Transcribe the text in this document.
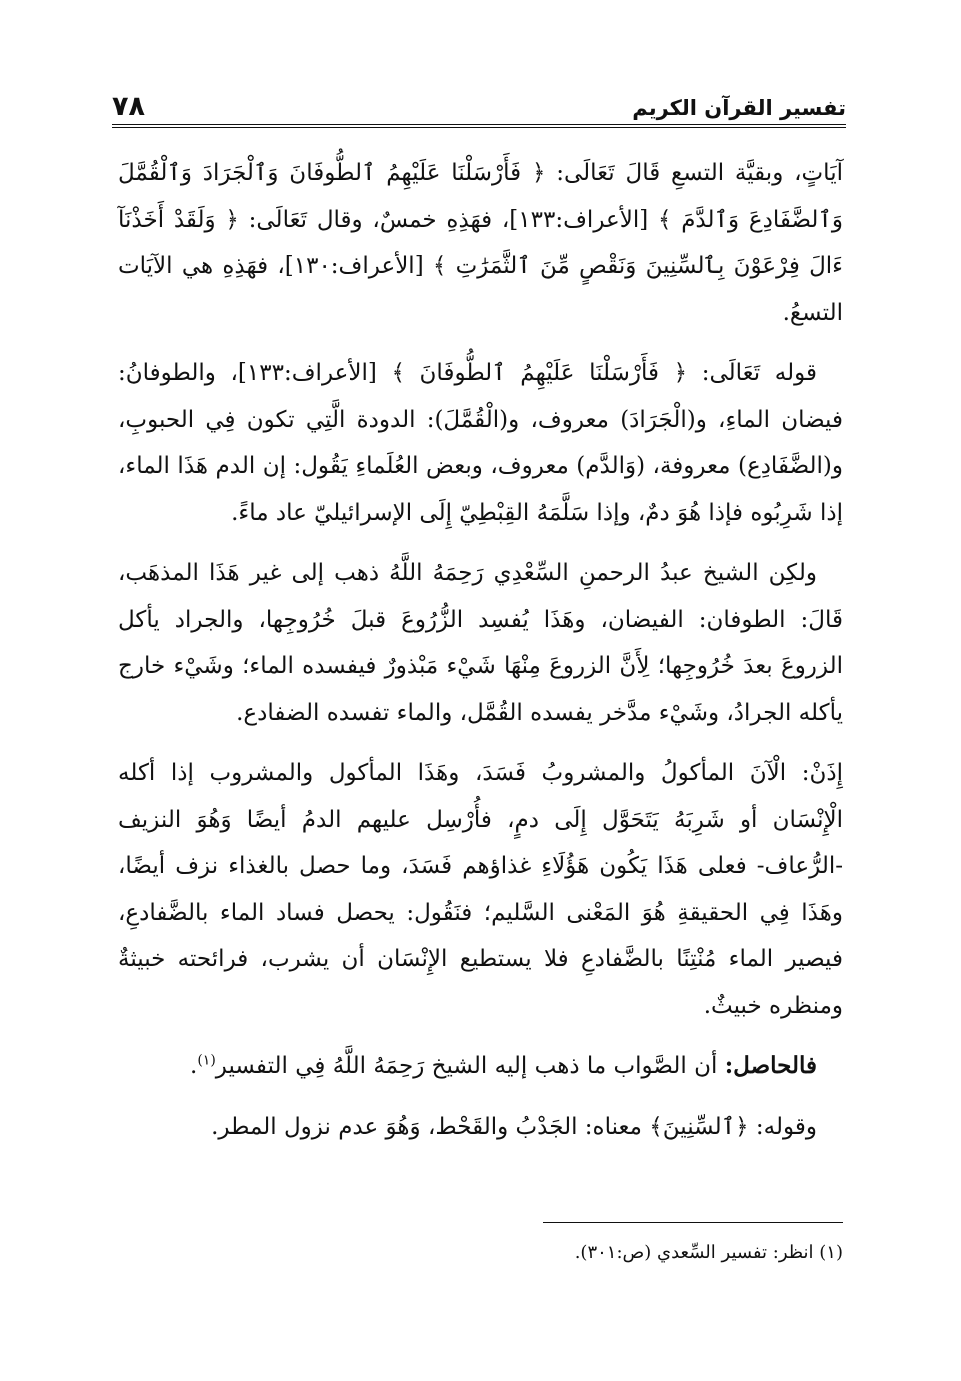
تفسير القرآن الكريم
٧٨

آيَاتٍ، وبقيَّة التسعِ قَالَ تَعَالَى: ﴿ فَأَرْسَلْنَا عَلَيْهِمُ ٱلطُّوفَانَ وَٱلْجَرَادَ وَٱلْقُمَّلَ وَٱلضَّفَادِعَ وَٱلدَّمَ ﴾ [الأعراف:١٣٣]، فهَذِهِ خمسٌ، وقال تَعَالَى: ﴿ وَلَقَدْ أَخَذْنَآ ءَالَ فِرْعَوْنَ بِٱلسِّنِينَ وَنَقْصٍ مِّنَ ٱلثَّمَرَٰتِ ﴾ [الأعراف:١٣٠]، فهَذِهِ هي الآيَات التسعُ.

قوله تَعَالَى: ﴿ فَأَرْسَلْنَا عَلَيْهِمُ ٱلطُّوفَانَ ﴾ [الأعراف:١٣٣]، والطوفانُ: فيضان الماءِ، و(الْجَرَادَ) معروف، و(الْقُمَّلَ): الدودة الَّتِي تكون فِي الحبوبِ، و(الضَّفَادِع) معروفة، (وَالدَّم) معروف، وبعض العُلَماءِ يَقُول: إن الدم هَذَا الماء، إذا شَرِبُوه فإذا هُوَ دمٌ، وإذا سَلَّمَهُ القِبْطِيّ إِلَى الإسرائيليّ عاد ماءً.

ولكِن الشيخ عبدُ الرحمنِ السِّعْدِي رَحِمَهُ اللَّهُ ذهب إلى غير هَذَا المذهَب، قَالَ: الطوفان: الفيضان، وهَذَا يُفسِد الزُّرُوعَ قبلَ خُرُوجِها، والجراد يأكل الزروعَ بعدَ خُرُوجِها؛ لِأَنَّ الزروعَ مِنْهَا شَيْء مَبْذورٌ فيفسده الماء؛ وشَيْء خارج يأكله الجرادُ، وشَيْء مدَّخر يفسده القُمَّل، والماء تفسده الضفادع.

إِذَنْ: الْآنَ المأكولُ والمشروبُ فَسَدَ، وهَذَا المأكول والمشروب إذا أكله الْإِنْسَان أو شَرِبَهُ يَتَحَوَّل إِلَى دمٍ، فأُرْسِل عليهم الدمُ أيضًا وَهُوَ النزيف -الرُّعاف- فعلى هَذَا يَكُون هَؤُلَاءِ غذاؤهم فَسَدَ، وما حصل بالغذاء نزف أيضًا، وهَذَا فِي الحقيقةِ هُوَ المَعْنى السَّليم؛ فنَقُول: يحصل فساد الماء بالضَّفادعِ، فيصير الماء مُنْتِنًا بالضَّفادعِ فلا يستطيع الإِنْسَان أن يشرب، فرائحته خبيثةٌ ومنظره خبيثٌ.

فالحاصل: أن الصَّواب ما ذهب إليه الشيخ رَحِمَهُ اللَّهُ فِي التفسير$^{(١)}$.

وقوله: ﴿ٱلسِّنِينَ﴾ معناه: الجَدْبُ والقَحْط، وَهُوَ عدم نزول المطر.

(١) انظر: تفسير السِّعدي (ص:٣٠١).
